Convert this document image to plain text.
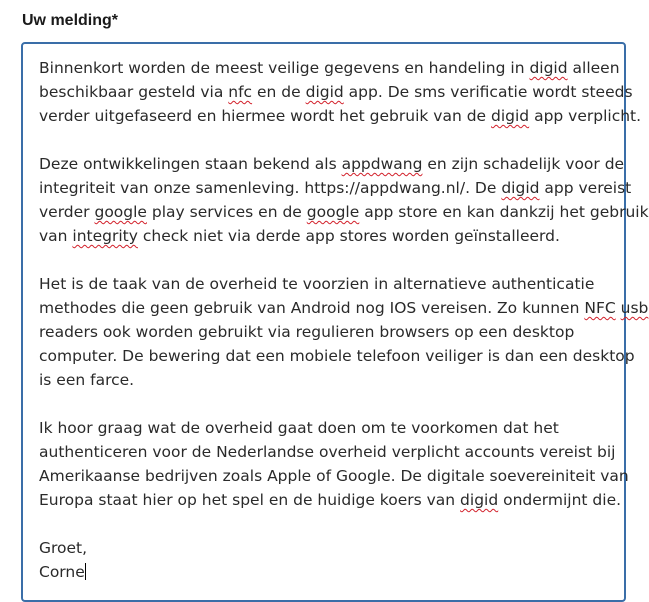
Uw melding*
Binnenkort worden de meest veilige gegevens en handeling in digid alleen
beschikbaar gesteld via nfc en de digid app. De sms verificatie wordt steeds
verder uitgefaseerd en hiermee wordt het gebruik van de digid app verplicht.
Deze ontwikkelingen staan bekend als appdwang en zijn schadelijk voor de
integriteit van onze samenleving. https://appdwang.nl/. De digid app vereist
verder google play services en de google app store en kan dankzij het gebruik
van integrity check niet via derde app stores worden geïnstalleerd.
Het is de taak van de overheid te voorzien in alternatieve authenticatie
methodes die geen gebruik van Android nog IOS vereisen. Zo kunnen NFC usb
readers ook worden gebruikt via regulieren browsers op een desktop
computer. De bewering dat een mobiele telefoon veiliger is dan een desktop
is een farce.
Ik hoor graag wat de overheid gaat doen om te voorkomen dat het
authenticeren voor de Nederlandse overheid verplicht accounts vereist bij
Amerikaanse bedrijven zoals Apple of Google. De digitale soevereiniteit van
Europa staat hier op het spel en de huidige koers van digid ondermijnt die.
Groet,
Corne
